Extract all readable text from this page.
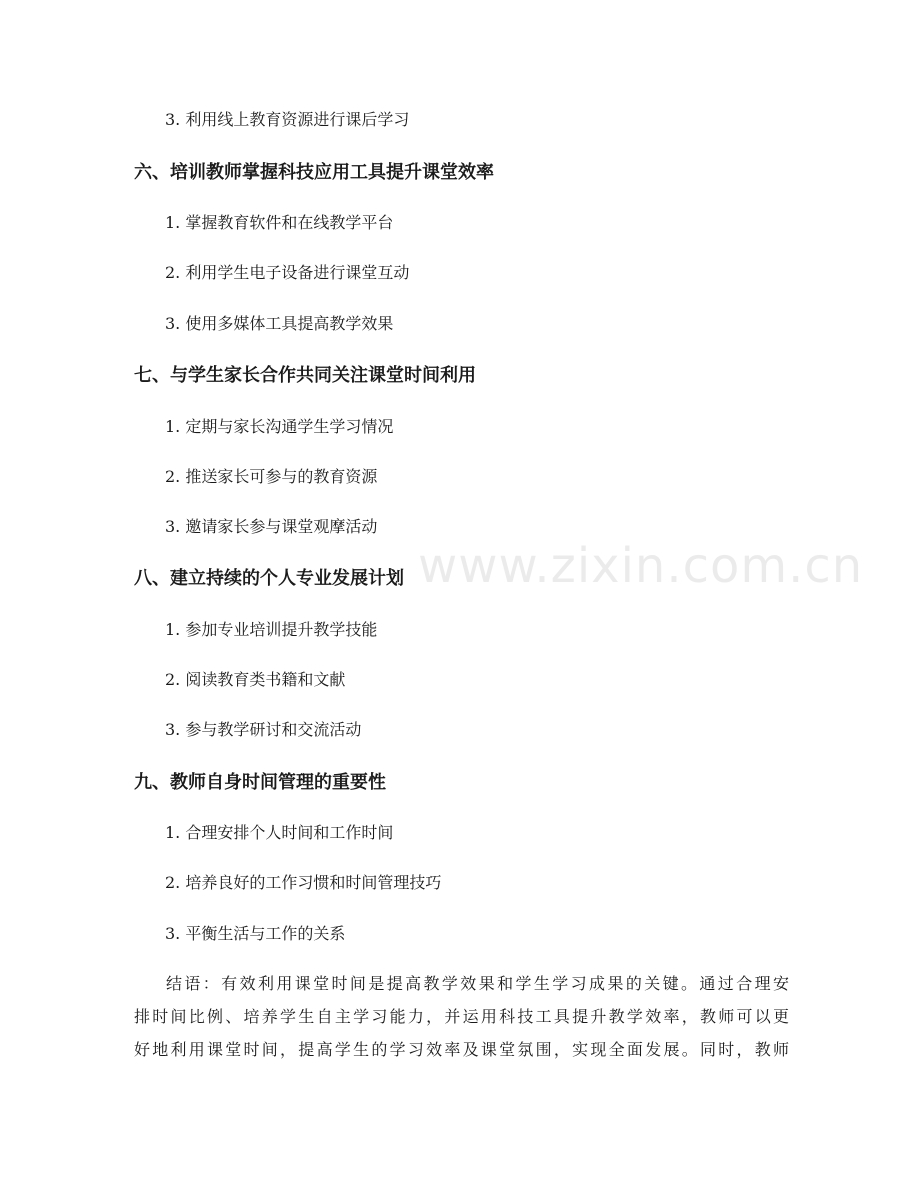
3. 利用线上教育资源进行课后学习
六、培训教师掌握科技应用工具提升课堂效率
1. 掌握教育软件和在线教学平台
2. 利用学生电子设备进行课堂互动
3. 使用多媒体工具提高教学效果
七、与学生家长合作共同关注课堂时间利用
1. 定期与家长沟通学生学习情况
2. 推送家长可参与的教育资源
3. 邀请家长参与课堂观摩活动
八、建立持续的个人专业发展计划
1. 参加专业培训提升教学技能
2. 阅读教育类书籍和文献
3. 参与教学研讨和交流活动
九、教师自身时间管理的重要性
1. 合理安排个人时间和工作时间
2. 培养良好的工作习惯和时间管理技巧
3. 平衡生活与工作的关系
结语：有效利用课堂时间是提高教学效果和学生学习成果的关键。通过合理安
排时间比例、培养学生自主学习能力，并运用科技工具提升教学效率，教师可以更
好地利用课堂时间，提高学生的学习效率及课堂氛围，实现全面发展。同时，教师
www.zixin.com.cn
